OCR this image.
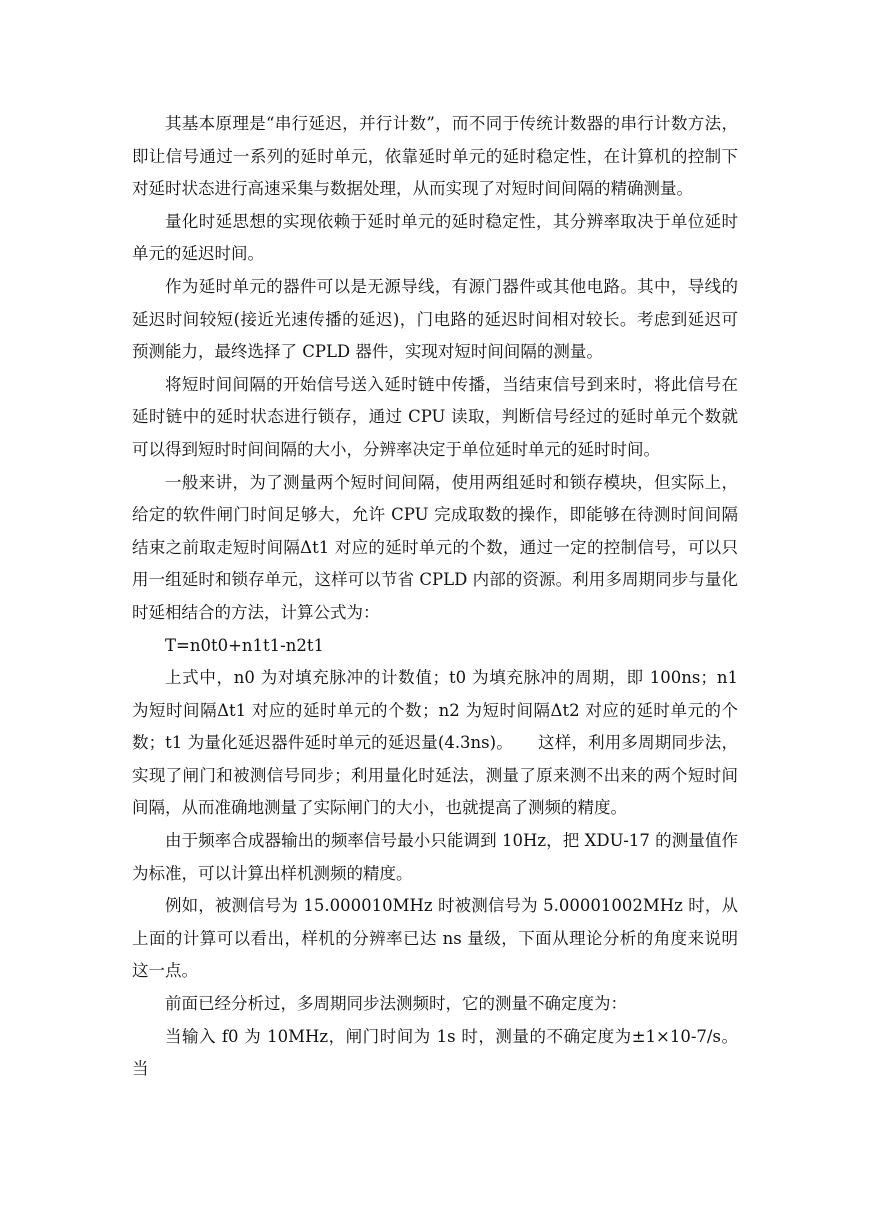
其基本原理是“串行延迟，并行计数”，而不同于传统计数器的串行计数方法，即让信号通过一系列的延时单元，依靠延时单元的延时稳定性，在计算机的控制下对延时状态进行高速采集与数据处理，从而实现了对短时间间隔的精确测量。

量化时延思想的实现依赖于延时单元的延时稳定性，其分辨率取决于单位延时单元的延迟时间。

作为延时单元的器件可以是无源导线，有源门器件或其他电路。其中，导线的延迟时间较短(接近光速传播的延迟)，门电路的延迟时间相对较长。考虑到延迟可预测能力，最终选择了 CPLD 器件，实现对短时间间隔的测量。

将短时间间隔的开始信号送入延时链中传播，当结束信号到来时，将此信号在延时链中的延时状态进行锁存，通过 CPU 读取，判断信号经过的延时单元个数就可以得到短时时间间隔的大小，分辨率决定于单位延时单元的延时时间。

一般来讲，为了测量两个短时间间隔，使用两组延时和锁存模块，但实际上，给定的软件闸门时间足够大，允许 CPU 完成取数的操作，即能够在待测时间间隔结束之前取走短时间隔Δt1 对应的延时单元的个数，通过一定的控制信号，可以只用一组延时和锁存单元，这样可以节省 CPLD 内部的资源。利用多周期同步与量化时延相结合的方法，计算公式为：

T=n0t0+n1t1-n2t1

上式中，n0 为对填充脉冲的计数值；t0 为填充脉冲的周期，即 100ns；n1 为短时间隔Δt1 对应的延时单元的个数；n2 为短时间隔Δt2 对应的延时单元的个数；t1 为量化延迟器件延时单元的延迟量(4.3ns)。　　这样，利用多周期同步法，实现了闸门和被测信号同步；利用量化时延法，测量了原来测不出来的两个短时间间隔，从而准确地测量了实际闸门的大小，也就提高了测频的精度。

由于频率合成器输出的频率信号最小只能调到 10Hz，把 XDU-17 的测量值作为标准，可以计算出样机测频的精度。

例如，被测信号为 15.000010MHz 时被测信号为 5.00001002MHz 时，从上面的计算可以看出，样机的分辨率已达 ns 量级，下面从理论分析的角度来说明这一点。

前面已经分析过，多周期同步法测频时，它的测量不确定度为：

当输入 f0 为 10MHz，闸门时间为 1s 时，测量的不确定度为±1×10-7/s。当
